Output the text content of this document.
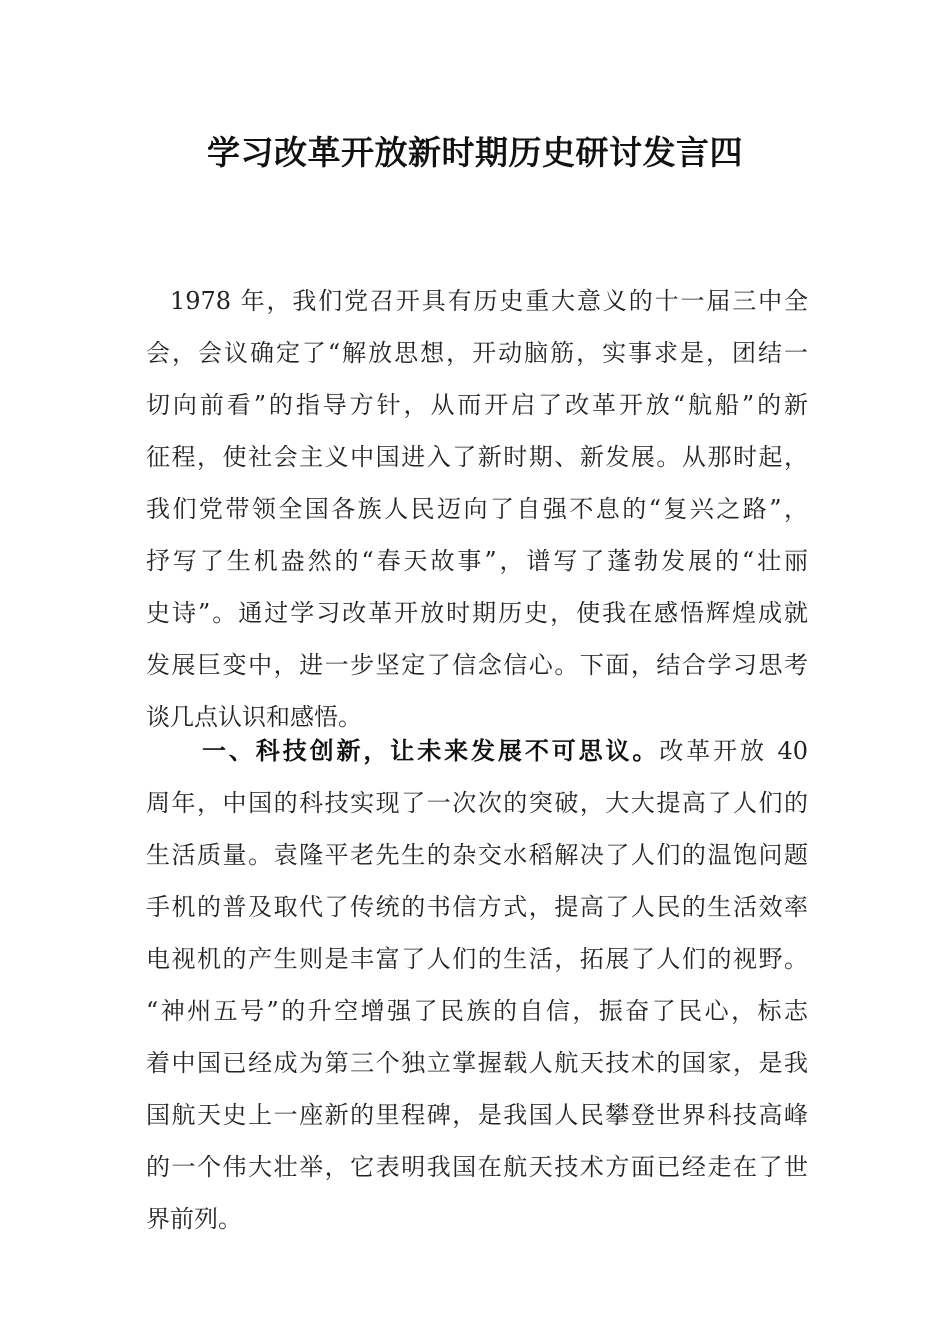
学习改革开放新时期历史研讨发言四
1978 年，我们党召开具有历史重大意义的十一届三中全
会，会议确定了“解放思想，开动脑筋，实事求是，团结一
切向前看”的指导方针，从而开启了改革开放“航船”的新
征程，使社会主义中国进入了新时期、新发展。从那时起，
我们党带领全国各族人民迈向了自强不息的“复兴之路”，
抒写了生机盎然的“春天故事”，谱写了蓬勃发展的“壮丽
史诗”。通过学习改革开放时期历史，使我在感悟辉煌成就
发展巨变中，进一步坚定了信念信心。下面，结合学习思考
谈几点认识和感悟。
一、科技创新，让未来发展不可思议。改革开放 40
周年，中国的科技实现了一次次的突破，大大提高了人们的
生活质量。袁隆平老先生的杂交水稻解决了人们的温饱问题
手机的普及取代了传统的书信方式，提高了人民的生活效率
电视机的产生则是丰富了人们的生活，拓展了人们的视野。
“神州五号”的升空增强了民族的自信，振奋了民心，标志
着中国已经成为第三个独立掌握载人航天技术的国家，是我
国航天史上一座新的里程碑，是我国人民攀登世界科技高峰
的一个伟大壮举，它表明我国在航天技术方面已经走在了世
界前列。
